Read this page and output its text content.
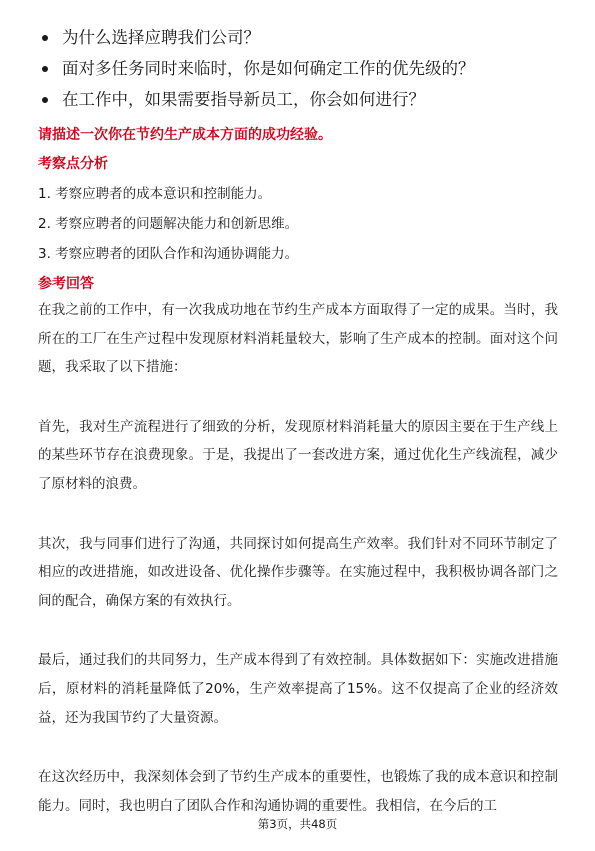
为什么选择应聘我们公司？
面对多任务同时来临时，你是如何确定工作的优先级的？
在工作中，如果需要指导新员工，你会如何进行？
请描述一次你在节约生产成本方面的成功经验。
考察点分析
1. 考察应聘者的成本意识和控制能力。
2. 考察应聘者的问题解决能力和创新思维。
3. 考察应聘者的团队合作和沟通协调能力。
参考回答

在我之前的工作中，有一次我成功地在节约生产成本方面取得了一定的成果。当时，我所在的工厂在生产过程中发现原材料消耗量较大，影响了生产成本的控制。面对这个问题，我采取了以下措施：

首先，我对生产流程进行了细致的分析，发现原材料消耗量大的原因主要在于生产线上的某些环节存在浪费现象。于是，我提出了一套改进方案，通过优化生产线流程，减少了原材料的浪费。

其次，我与同事们进行了沟通，共同探讨如何提高生产效率。我们针对不同环节制定了相应的改进措施，如改进设备、优化操作步骤等。在实施过程中，我积极协调各部门之间的配合，确保方案的有效执行。

最后，通过我们的共同努力，生产成本得到了有效控制。具体数据如下：实施改进措施后，原材料的消耗量降低了20%，生产效率提高了15%。这不仅提高了企业的经济效益，还为我国节约了大量资源。

在这次经历中，我深刻体会到了节约生产成本的重要性，也锻炼了我的成本意识和控制能力。同时，我也明白了团队合作和沟通协调的重要性。我相信，在今后的工

第3页，共48页
